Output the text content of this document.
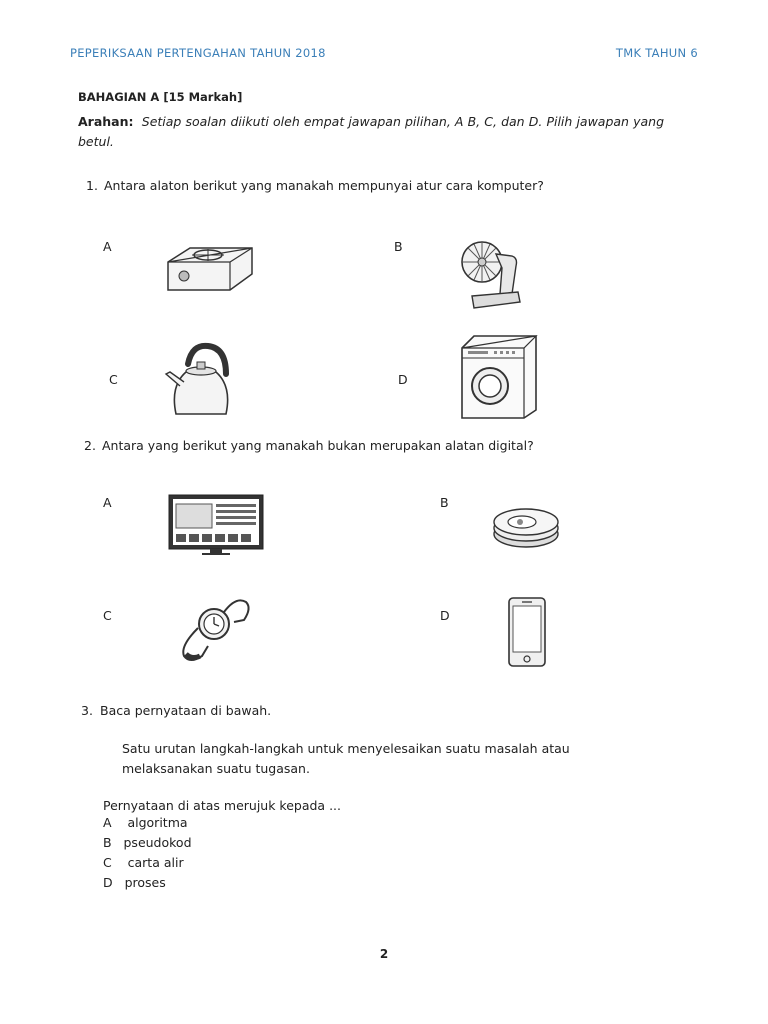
PEPERIKSAAN PERTENGAHAN TAHUN 2018	TMK TAHUN 6
BAHAGIAN A [15 Markah]
Arahan: Setiap soalan diikuti oleh empat jawapan pilihan, A B, C, dan D. Pilih jawapan yang betul.
1. Antara alaton berikut yang manakah mempunyai atur cara komputer?
A	B
C	D
2. Antara yang berikut yang manakah bukan merupakan alatan digital?
A	B
C	D
3. Baca pernyataan di bawah.
Satu urutan langkah-langkah untuk menyelesaikan suatu masalah atau melaksanakan suatu tugasan.
Pernyataan di atas merujuk kepada ...
A algoritma
B pseudokod
C carta alir
D proses
2
